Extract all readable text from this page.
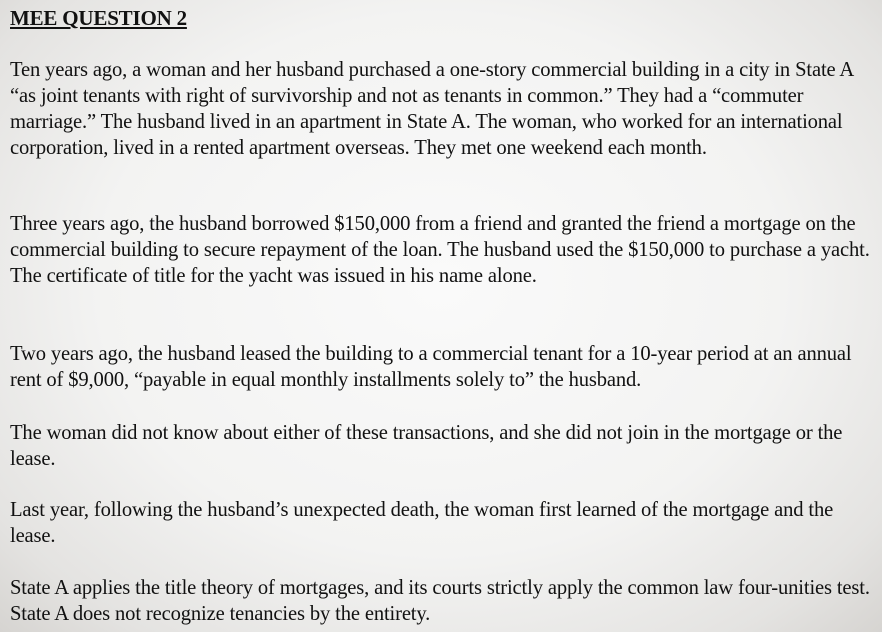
MEE QUESTION 2

Ten years ago, a woman and her husband purchased a one-story commercial building in a city in State A “as joint tenants with right of survivorship and not as tenants in common.” They had a “commuter marriage.” The husband lived in an apartment in State A. The woman, who worked for an international corporation, lived in a rented apartment overseas. They met one weekend each month.

Three years ago, the husband borrowed $150,000 from a friend and granted the friend a mortgage on the commercial building to secure repayment of the loan. The husband used the $150,000 to purchase a yacht. The certificate of title for the yacht was issued in his name alone.

Two years ago, the husband leased the building to a commercial tenant for a 10-year period at an annual rent of $9,000, “payable in equal monthly installments solely to” the husband.

The woman did not know about either of these transactions, and she did not join in the mortgage or the lease.

Last year, following the husband’s unexpected death, the woman first learned of the mortgage and the lease.

State A applies the title theory of mortgages, and its courts strictly apply the common law four-unities test. State A does not recognize tenancies by the entirety.
